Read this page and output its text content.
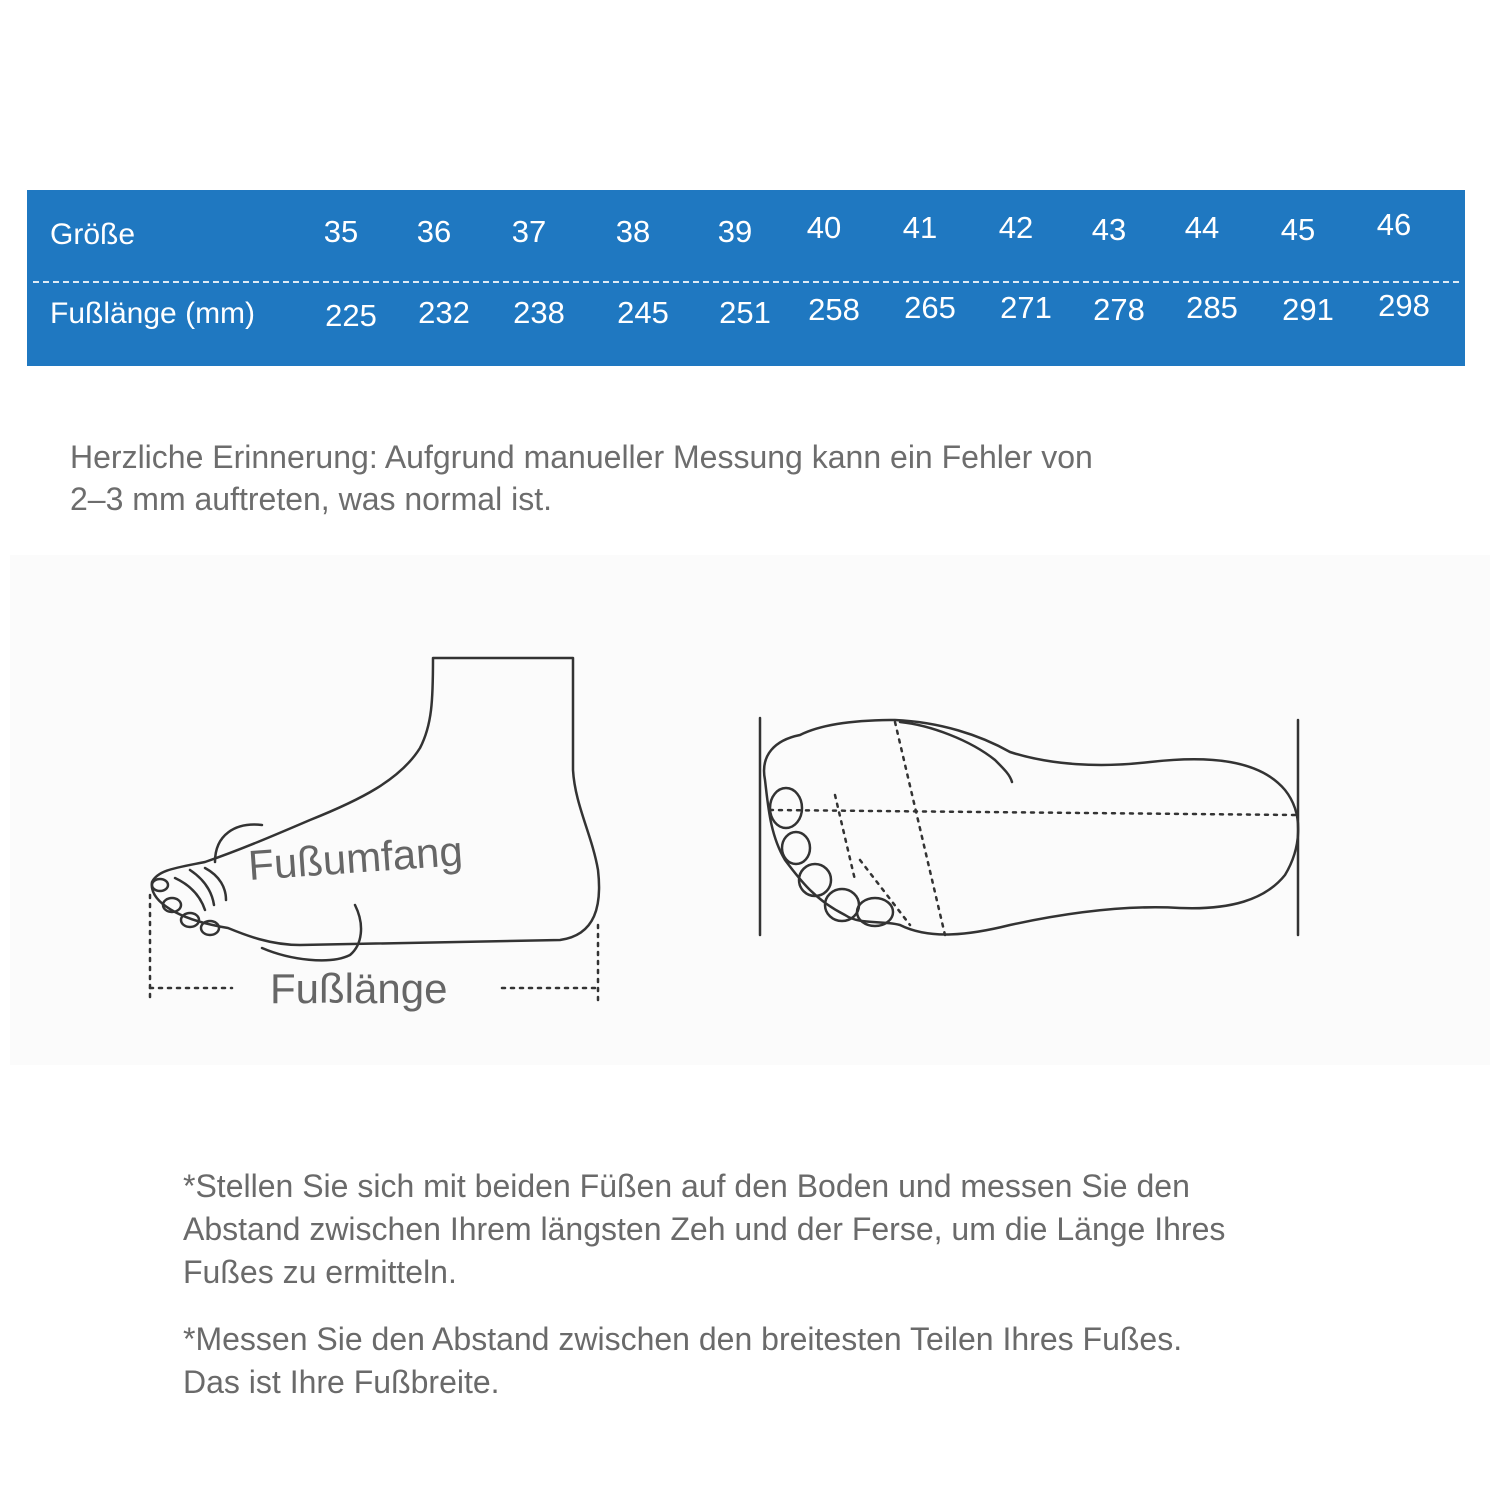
Größe	35	36	37	38	39	40	41	42	43	44	45	46
Fußlänge (mm)	225	232	238	245	251	258	265	271	278	285	291	298
Herzliche Erinnerung: Aufgrund manueller Messung kann ein Fehler von
2–3 mm auftreten, was normal ist.
Fußumfang
Fußlänge
*Stellen Sie sich mit beiden Füßen auf den Boden und messen Sie den
Abstand zwischen Ihrem längsten Zeh und der Ferse, um die Länge Ihres
Fußes zu ermitteln.
*Messen Sie den Abstand zwischen den breitesten Teilen Ihres Fußes.
Das ist Ihre Fußbreite.
